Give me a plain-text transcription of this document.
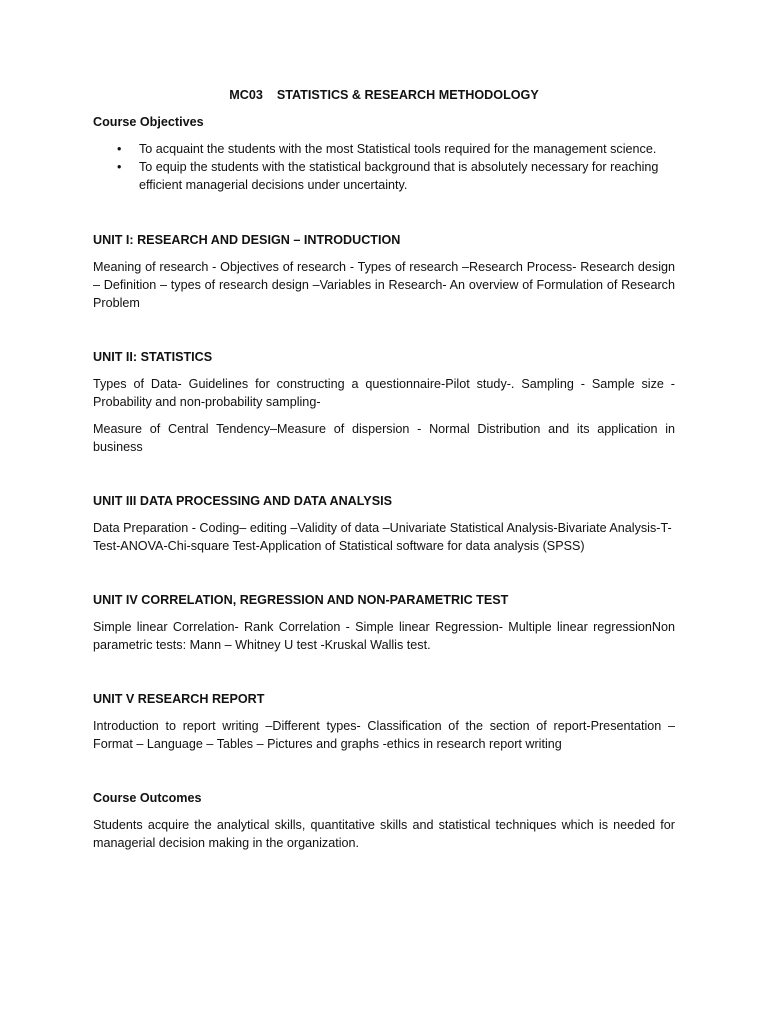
MC03    STATISTICS & RESEARCH METHODOLOGY
Course Objectives
• To acquaint the students with the most Statistical tools required for the management science.
• To equip the students with the statistical background that is absolutely necessary for reaching efficient managerial decisions under uncertainty.
UNIT I: RESEARCH AND DESIGN – INTRODUCTION

Meaning of research - Objectives of research - Types of research –Research Process- Research design – Definition – types of research design –Variables in Research- An overview of Formulation of Research Problem

UNIT II: STATISTICS

Types of Data- Guidelines for constructing a questionnaire-Pilot study-. Sampling - Sample size - Probability and non-probability sampling-

Measure of Central Tendency–Measure of dispersion - Normal Distribution and its application in business

UNIT III DATA PROCESSING AND DATA ANALYSIS

Data Preparation - Coding– editing –Validity of data –Univariate Statistical Analysis-Bivariate Analysis-T-Test-ANOVA-Chi-square Test-Application of Statistical software for data analysis (SPSS)

UNIT IV CORRELATION, REGRESSION AND NON-PARAMETRIC TEST

Simple linear Correlation- Rank Correlation - Simple linear Regression- Multiple linear regressionNon parametric tests: Mann – Whitney U test -Kruskal Wallis test.

UNIT V RESEARCH REPORT

Introduction to report writing –Different types- Classification of the section of report-Presentation – Format – Language – Tables – Pictures and graphs -ethics in research report writing

Course Outcomes

Students acquire the analytical skills, quantitative skills and statistical techniques which is needed for managerial decision making in the organization.
